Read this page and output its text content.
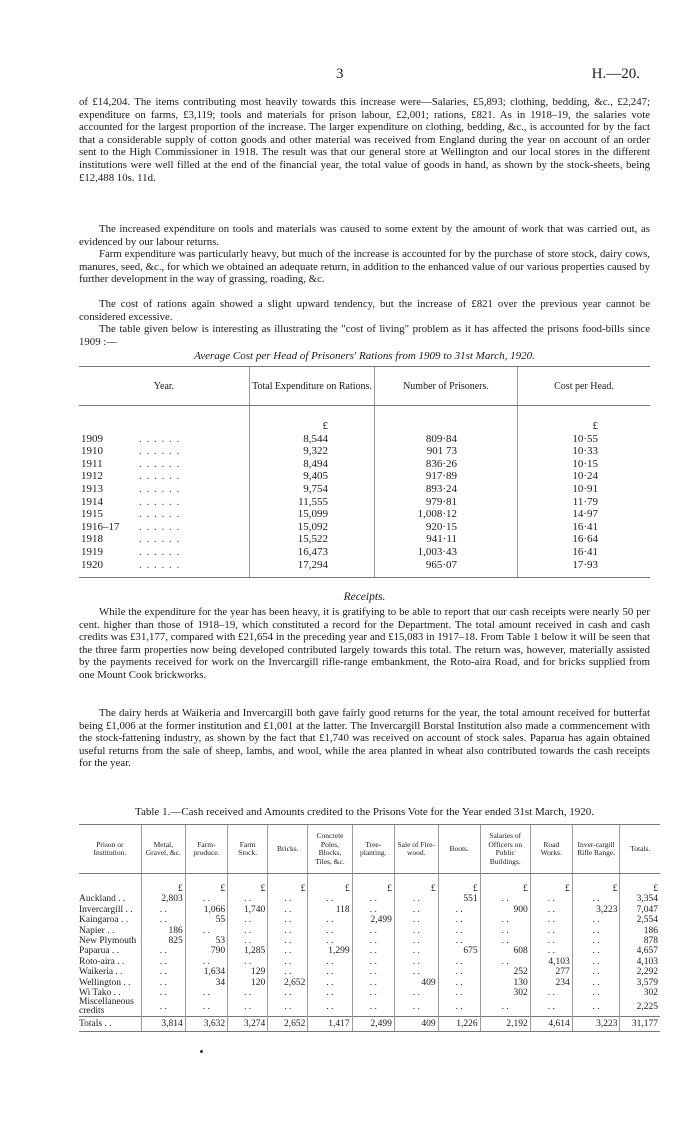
3	H.—20.

of £14,204. The items contributing most heavily towards this increase were—Salaries, £5,893; clothing, bedding, &c., £2,247; expenditure on farms, £3,119; tools and materials for prison labour, £2,001; rations, £821. As in 1918–19, the salaries vote accounted for the largest proportion of the increase. The larger expenditure on clothing, bedding, &c., is accounted for by the fact that a considerable supply of cotton goods and other material was received from England during the year on account of an order sent to the High Commissioner in 1918. The result was that our general store at Wellington and our local stores in the different institutions were well filled at the end of the financial year, the total value of goods in hand, as shown by the stock-sheets, being £12,488 10s. 11d.

The increased expenditure on tools and materials was caused to some extent by the amount of work that was carried out, as evidenced by our labour returns.

Farm expenditure was particularly heavy, but much of the increase is accounted for by the purchase of store stock, dairy cows, manures, seed, &c., for which we obtained an adequate return, in addition to the enhanced value of our various properties caused by further development in the way of grassing, roading, &c.

The cost of rations again showed a slight upward tendency, but the increase of £821 over the previous year cannot be considered excessive.

The table given below is interesting as illustrating the "cost of living" problem as it has affected the prisons food-bills since 1909 :—

Average Cost per Head of Prisoners' Rations from 1909 to 31st March, 1920.

Year.	Total Expenditure on Rations.	Number of Prisoners.	Cost per Head.
	£		£
1909 . . . . . .	8,544	809·84	10·55
1910 . . . . . .	9,322	901 73	10·33
1911 . . . . . .	8,494	836·26	10·15
1912 . . . . . .	9,405	917·89	10·24
1913 . . . . . .	9,754	893·24	10·91
1914 . . . . . .	11,555	979·81	11·79
1915 . . . . . .	15,099	1,008·12	14·97
1916–17 . . . . . .	15,092	920·15	16·41
1918 . . . . . .	15,522	941·11	16·64
1919 . . . . . .	16,473	1,003·43	16·41
1920 . . . . . .	17,294	965·07	17·93
Receipts.

While the expenditure for the year has been heavy, it is gratifying to be able to report that our cash receipts were nearly 50 per cent. higher than those of 1918–19, which constituted a record for the Department. The total amount received in cash and cash credits was £31,177, compared with £21,654 in the preceding year and £15,083 in 1917–18. From Table 1 below it will be seen that the three farm properties now being developed contributed largely towards this total. The return was, however, materially assisted by the payments received for work on the Invercargill rifle-range embankment, the Roto-aira Road, and for bricks supplied from one Mount Cook brickworks.

The dairy herds at Waikeria and Invercargill both gave fairly good returns for the year, the total amount received for butterfat being £1,006 at the former institution and £1,001 at the latter. The Invercargill Borstal Institution also made a commencement with the stock-fattening industry, as shown by the fact that £1,740 was received on account of stock sales. Paparua has again obtained useful returns from the sale of sheep, lambs, and wool, while the area planted in wheat also contributed towards the cash receipts for the year.

Table 1.—Cash received and Amounts credited to the Prisons Vote for the Year ended 31st March, 1920.
Prison or Institution.	Metal, Gravel, &c.	Farm-produce.	Farm Stock.	Bricks.	Concrete Poles, Blocks, Tiles, &c.	Tree-planting.	Sale of Fire-wood.	Boots.	Salaries of Officers on Public Buildings.	Road Works.	Inver-cargill Rifle Range.	Totals.
	£	£	£	£	£	£	£	£	£	£	£	£
Auckland . .	2,803	. .	. .	. .	. .	. .	. .	551	. .	. .	. .	3,354
Invercargill . .	. .	1,066	1,740	. .	118	. .	. .	. .	900	. .	3,223	7,047
Kaingaroa . .	. .	55	. .	. .	. .	2,499	. .	. .	. .	. .	. .	2,554
Napier . .	186	. .	. .	. .	. .	. .	. .	. .	. .	. .	. .	186
New Plymouth	825	53	. .	. .	. .	. .	. .	. .	. .	. .	. .	878
Paparua . .	. .	790	1,285	. .	1,299	. .	. .	675	608	. .	. .	4,657
Roto-aira . .	. .	. .	. .	. .	. .	. .	. .	. .	. .	4,103	. .	4,103
Waikeria . .	. .	1,634	129	. .	. .	. .	. .	. .	252	277	. .	2,292
Wellington . .	. .	34	120	2,652	. .	. .	409	. .	130	234	. .	3,579
Wi Tako . .	. .	. .	. .	. .	. .	. .	. .	. .	302	. .	. .	302
Miscellaneous credits	. .	. .	. .	. .	. .	. .	. .	. .	. .	. .	. .	2,225
Totals . .	3,814	3,632	3,274	2,652	1,417	2,499	409	1,226	2,192	4,614	3,223	31,177
